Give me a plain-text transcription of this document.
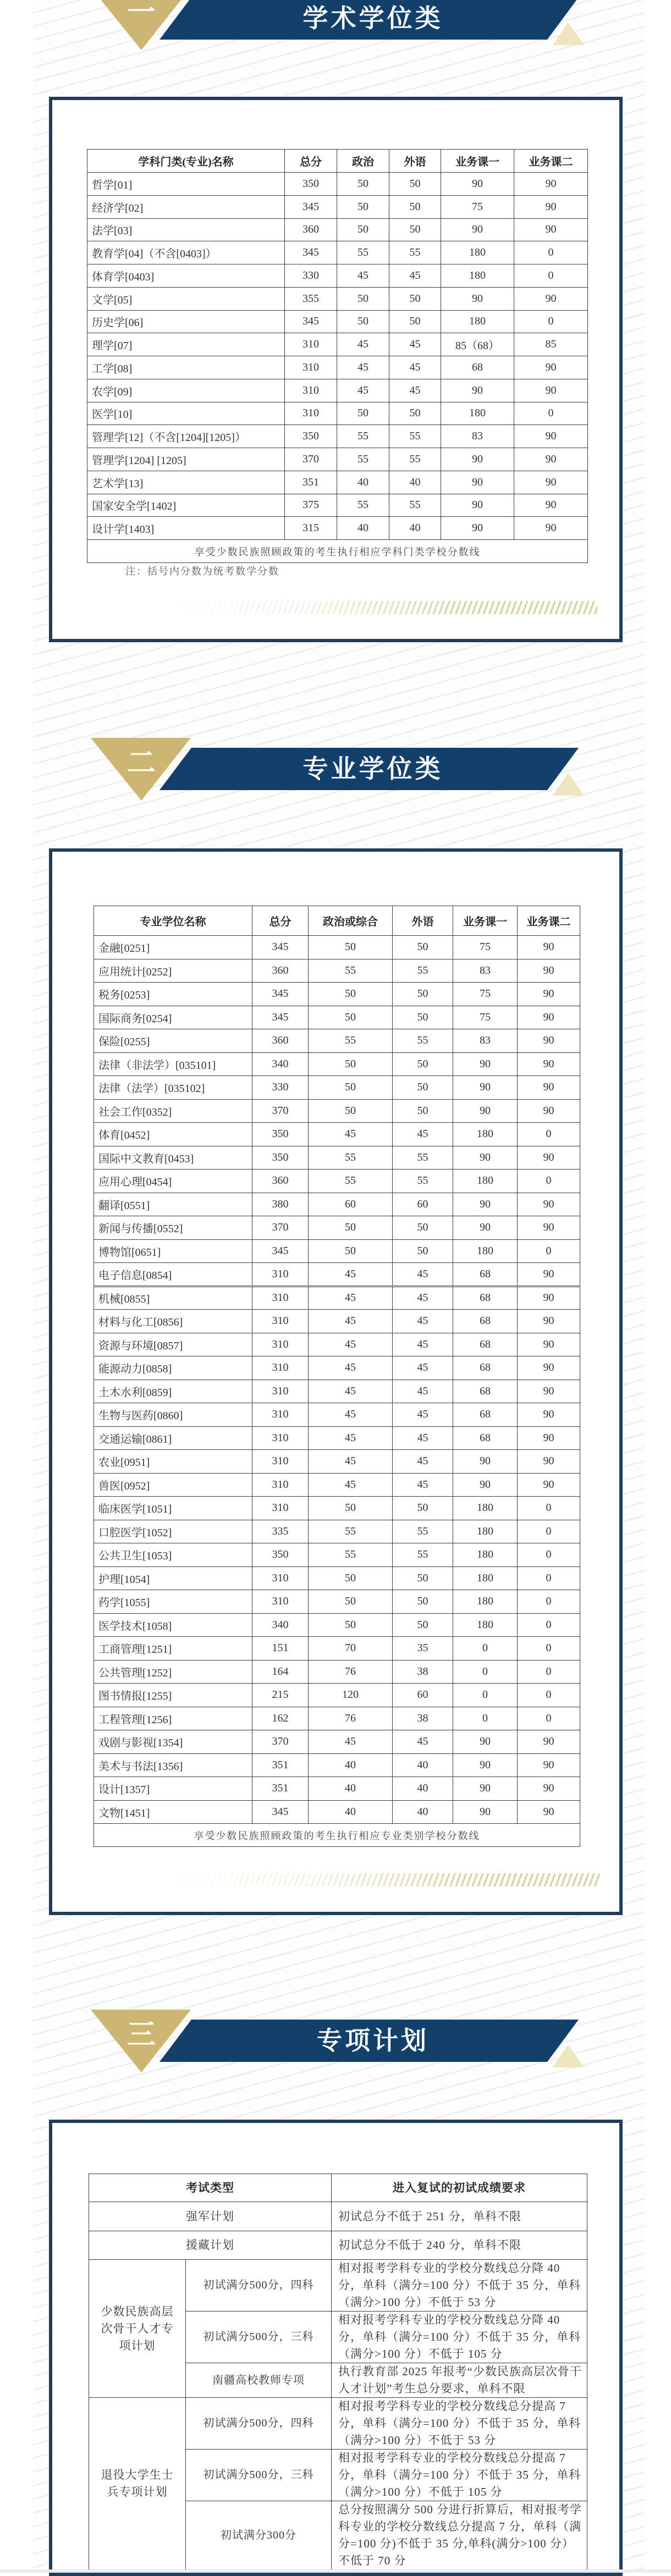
一	学术学位类
学科门类(专业)名称	总分	政治	外语	业务课一	业务课二
哲学[01]	350	50	50	90	90
经济学[02]	345	50	50	75	90
法学[03]	360	50	50	90	90
教育学[04]（不含[0403]）	345	55	55	180	0
体育学[0403]	330	45	45	180	0
文学[05]	355	50	50	90	90
历史学[06]	345	50	50	180	0
理学[07]	310	45	45	85（68）	85
工学[08]	310	45	45	68	90
农学[09]	310	45	45	90	90
医学[10]	310	50	50	180	0
管理学[12]（不含[1204][1205]）	350	55	55	83	90
管理学[1204] [1205]	370	55	55	90	90
艺术学[13]	351	40	40	90	90
国家安全学[1402]	375	55	55	90	90
设计学[1403]	315	40	40	90	90
享受少数民族照顾政策的考生执行相应学科门类学校分数线					
注：括号内分数为统考数学分数
二	专业学位类
专业学位名称	总分	政治或综合	外语	业务课一	业务课二
金融[0251]	345	50	50	75	90
应用统计[0252]	360	55	55	83	90
税务[0253]	345	50	50	75	90
国际商务[0254]	345	50	50	75	90
保险[0255]	360	55	55	83	90
法律（非法学）[035101]	340	50	50	90	90
法律（法学）[035102]	330	50	50	90	90
社会工作[0352]	370	50	50	90	90
体育[0452]	350	45	45	180	0
国际中文教育[0453]	350	55	55	90	90
应用心理[0454]	360	55	55	180	0
翻译[0551]	380	60	60	90	90
新闻与传播[0552]	370	50	50	90	90
博物馆[0651]	345	50	50	180	0
电子信息[0854]	310	45	45	68	90
机械[0855]	310	45	45	68	90
材料与化工[0856]	310	45	45	68	90
资源与环境[0857]	310	45	45	68	90
能源动力[0858]	310	45	45	68	90
土木水利[0859]	310	45	45	68	90
生物与医药[0860]	310	45	45	68	90
交通运输[0861]	310	45	45	68	90
农业[0951]	310	45	45	90	90
兽医[0952]	310	45	45	90	90
临床医学[1051]	310	50	50	180	0
口腔医学[1052]	335	55	55	180	0
公共卫生[1053]	350	55	55	180	0
护理[1054]	310	50	50	180	0
药学[1055]	310	50	50	180	0
医学技术[1058]	340	50	50	180	0
工商管理[1251]	151	70	35	0	0
公共管理[1252]	164	76	38	0	0
图书情报[1255]	215	120	60	0	0
工程管理[1256]	162	76	38	0	0
戏剧与影视[1354]	370	45	45	90	90
美术与书法[1356]	351	40	40	90	90
设计[1357]	351	40	40	90	90
文物[1451]	345	40	40	90	90
享受少数民族照顾政策的考生执行相应专业类别学校分数线					
三	专项计划
考试类型		进入复试的初试成绩要求
强军计划		初试总分不低于 251 分，单科不限
援藏计划		初试总分不低于 240 分，单科不限
少数民族高层次骨干人才专项计划	初试满分500分，四科	相对报考学科专业的学校分数线总分降 40 分，单科（满分=100 分）不低于 35 分，单科（满分>100 分）不低于 53 分
	初试满分500分，三科	相对报考学科专业的学校分数线总分降 40 分，单科（满分=100 分）不低于 35 分，单科（满分>100 分）不低于 105 分
	南疆高校教师专项	执行教育部 2025 年报考“少数民族高层次骨干人才计划”考生总分要求，单科不限
退役大学生士兵专项计划	初试满分500分，四科	相对报考学科专业的学校分数线总分提高 7 分，单科（满分=100 分）不低于 35 分，单科（满分>100 分）不低于 53 分
	初试满分500分，三科	相对报考学科专业的学校分数线总分提高 7 分，单科（满分=100 分）不低于 35 分，单科（满分>100 分）不低于 105 分
	初试满分300分	总分按照满分 500 分进行折算后，相对报考学科专业的学校分数线总分提高 7 分，单科（满分=100 分)不低于 35 分,单科(满分>100 分）不低于 70 分
